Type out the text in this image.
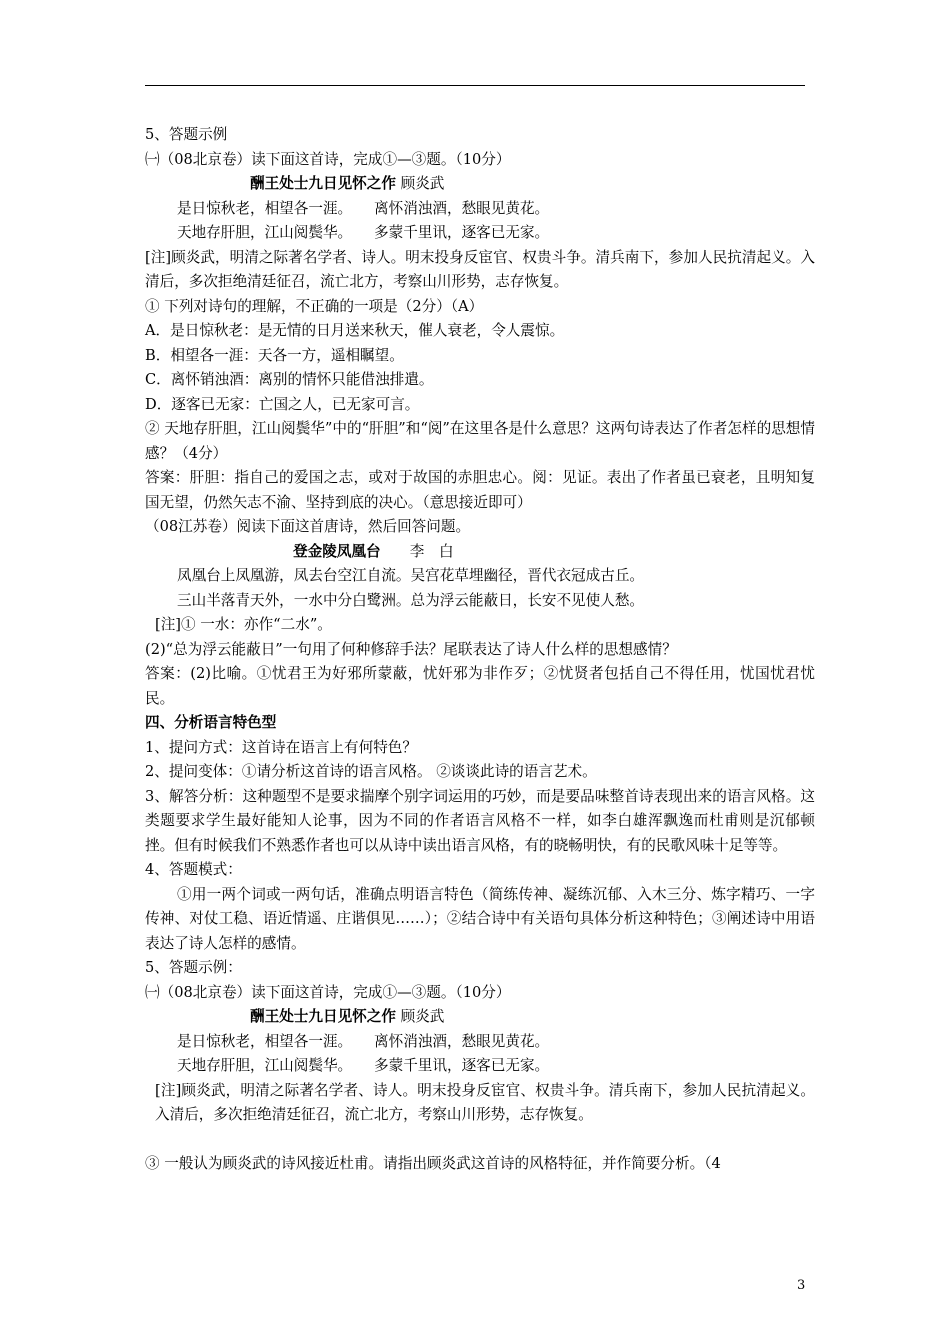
5、答题示例

㈠（08北京卷）读下面这首诗，完成①—③题。（10分）

酬王处士九日见怀之作 顾炎武

是日惊秋老，相望各一涯。　　离怀消浊酒，愁眼见黄花。

天地存肝胆，江山阅鬓华。　　多蒙千里讯，逐客已无家。

[注]顾炎武，明清之际著名学者、诗人。明末投身反宦官、权贵斗争。清兵南下，参加人民抗清起义。入清后，多次拒绝清廷征召，流亡北方，考察山川形势，志存恢复。

① 下列对诗句的理解，不正确的一项是（2分）（A）

A．是日惊秋老：是无情的日月送来秋天，催人衰老，令人震惊。

B．相望各一涯：天各一方，遥相瞩望。

C．离怀销浊酒：离别的情怀只能借浊排遣。

D．逐客已无家：亡国之人，已无家可言。

② 天地存肝胆，江山阅鬓华”中的“肝胆”和“阅”在这里各是什么意思？这两句诗表达了作者怎样的思想情感？（4分）

答案：肝胆：指自己的爱国之志，或对于故国的赤胆忠心。阅：见证。表出了作者虽已衰老，且明知复国无望，仍然矢志不渝、坚持到底的决心。（意思接近即可）

（08江苏卷）阅读下面这首唐诗，然后回答问题。

登金陵凤凰台　　 李　白

凤凰台上凤凰游，凤去台空江自流。吴宫花草埋幽径，晋代衣冠成古丘。

三山半落青天外，一水中分白鹭洲。总为浮云能蔽日，长安不见使人愁。

[注]① 一水：亦作“二水”。

(2)“总为浮云能蔽日”一句用了何种修辞手法？尾联表达了诗人什么样的思想感情？

答案：(2)比喻。①忧君王为好邪所蒙蔽，忧奸邪为非作歹；②忧贤者包括自己不得任用，忧国忧君忧民。

四、分析语言特色型

1、提问方式：这首诗在语言上有何特色？

2、提问变体：①请分析这首诗的语言风格。 ②谈谈此诗的语言艺术。

3、解答分析：这种题型不是要求揣摩个别字词运用的巧妙，而是要品味整首诗表现出来的语言风格。这类题要求学生最好能知人论事，因为不同的作者语言风格不一样，如李白雄浑飘逸而杜甫则是沉郁顿挫。但有时候我们不熟悉作者也可以从诗中读出语言风格，有的晓畅明快，有的民歌风味十足等等。

4、答题模式：

①用一两个词或一两句话，准确点明语言特色（简练传神、凝练沉郁、入木三分、炼字精巧、一字传神、对仗工稳、语近情遥、庄谐俱见……）；②结合诗中有关语句具体分析这种特色；③阐述诗中用语表达了诗人怎样的感情。

5、答题示例：

㈠（08北京卷）读下面这首诗，完成①—③题。（10分）

酬王处士九日见怀之作 顾炎武

是日惊秋老，相望各一涯。　　离怀消浊酒，愁眼见黄花。

天地存肝胆，江山阅鬓华。　　多蒙千里讯，逐客已无家。

[注]顾炎武，明清之际著名学者、诗人。明末投身反宦官、权贵斗争。清兵南下，参加人民抗清起义。入清后，多次拒绝清廷征召，流亡北方，考察山川形势，志存恢复。

③ 一般认为顾炎武的诗风接近杜甫。请指出顾炎武这首诗的风格特征，并作简要分析。（4

3
